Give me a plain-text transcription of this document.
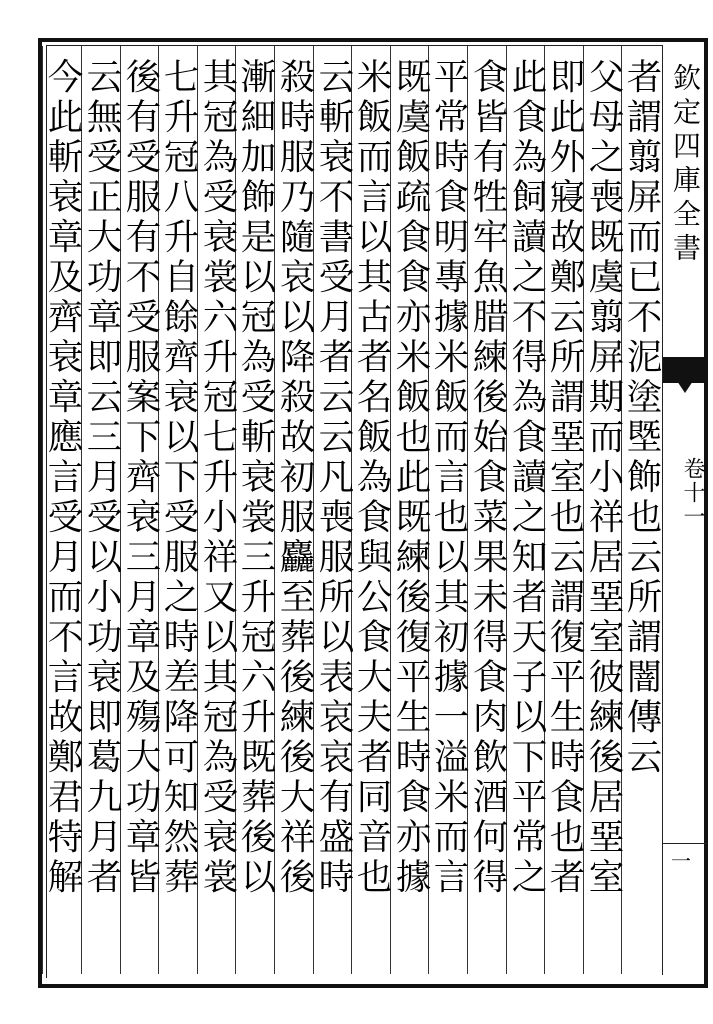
者謂翦屏而已不泥塗塈飾也云所謂闇傳云
父母之喪既虞翦屏期而小祥居堊室彼練後居堊室
即此外寢故鄭云所謂堊室也云謂復平生時食也者
此食為飼讀之不得為食讀之知者天子以下平常之
食皆有牲牢魚腊練後始食菜果未得食肉飲酒何得
平常時食明專據米飯而言也以其初據一溢米而言
既虞飯疏食食亦米飯也此既練後復平生時食亦據
米飯而言以其古者名飯為食與公食大夫者同音也
云斬衰不書受月者云云凡喪服所以表哀哀有盛時
殺時服乃隨哀以降殺故初服麤至葬後練後大祥後
漸細加飾是以冠為受斬衰裳三升冠六升既葬後以
其冠為受衰裳六升冠七升小祥又以其冠為受衰裳
七升冠八升自餘齊衰以下受服之時差降可知然葬
後有受服有不受服案下齊衰三月章及殤大功章皆
云無受正大功章即云三月受以小功衰即葛九月者
今此斬衰章及齊衰章應言受月而不言故鄭君特解
欽定四庫全書
卷十一
一
